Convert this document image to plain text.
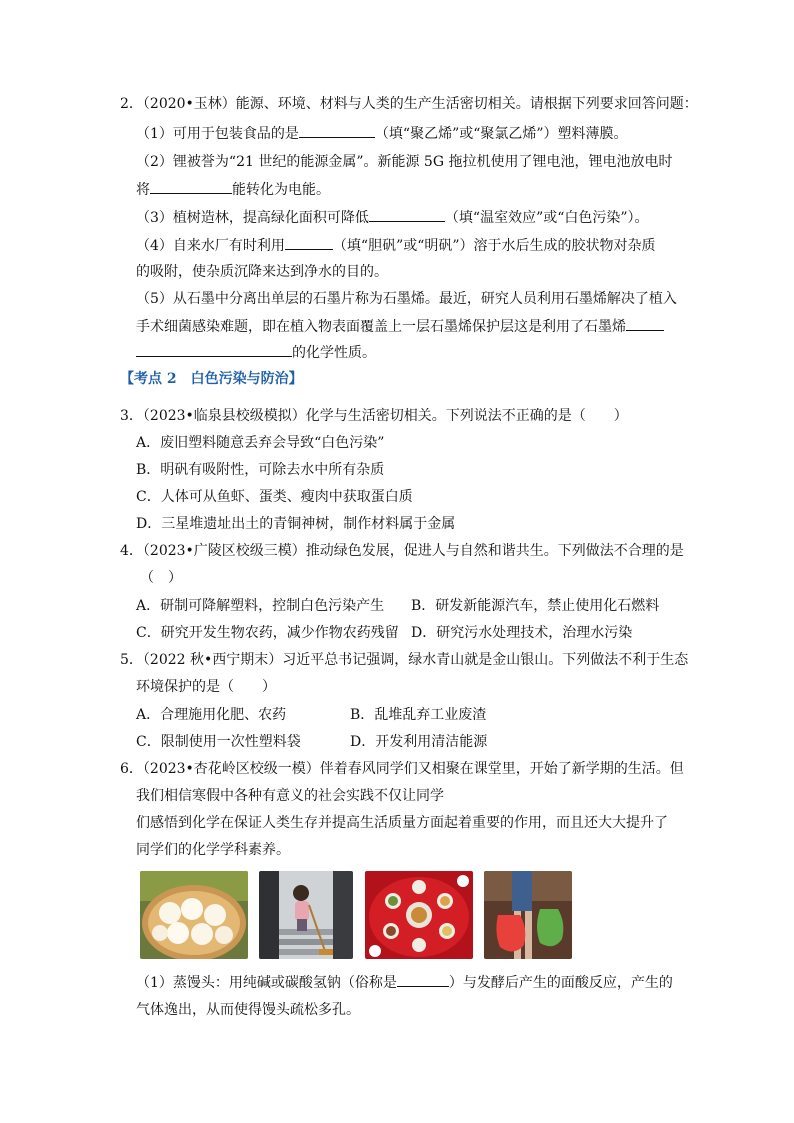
2．（2020•玉林）能源、环境、材料与人类的生产生活密切相关。请根据下列要求回答问题：
（1）可用于包装食品的是	（填“聚乙烯”或“聚氯乙烯”）塑料薄膜。
（2）锂被誉为“21 世纪的能源金属”。新能源 5G 拖拉机使用了锂电池，锂电池放电时
将	能转化为电能。
（3）植树造林，提高绿化面积可降低	（填“温室效应”或“白色污染”）。
（4）自来水厂有时利用	（填“胆矾”或“明矾”）溶于水后生成的胶状物对杂质
的吸附，使杂质沉降来达到净水的目的。
（5）从石墨中分离出单层的石墨片称为石墨烯。最近，研究人员利用石墨烯解决了植入
手术细菌感染难题，即在植入物表面覆盖上一层石墨烯保护层这是利用了石墨烯
的化学性质。
【考点 2　白色污染与防治】
3．（2023•临泉县校级模拟）化学与生活密切相关。下列说法不正确的是（　　）
A．废旧塑料随意丢弃会导致“白色污染”
B．明矾有吸附性，可除去水中所有杂质
C．人体可从鱼虾、蛋类、瘦肉中获取蛋白质
D．三星堆遗址出土的青铜神树，制作材料属于金属
4．（2023•广陵区校级三模）推动绿色发展，促进人与自然和谐共生。下列做法不合理的是
（　）
A．研制可降解塑料，控制白色污染产生 B．研发新能源汽车，禁止使用化石燃料
C．研究开发生物农药，减少作物农药残留 D．研究污水处理技术，治理水污染
5．（2022 秋•西宁期末）习近平总书记强调，绿水青山就是金山银山。下列做法不利于生态
环境保护的是（　　）
A．合理施用化肥、农药	B．乱堆乱弃工业废渣
C．限制使用一次性塑料袋	D．开发利用清洁能源
6．（2023•杏花岭区校级一模）伴着春风同学们又相聚在课堂里，开始了新学期的生活。但
我们相信寒假中各种有意义的社会实践不仅让同学
们感悟到化学在保证人类生存并提高生活质量方面起着重要的作用，而且还大大提升了
同学们的化学学科素养。
（1）蒸馒头：用纯碱或碳酸氢钠（俗称是	）与发酵后产生的面酸反应，产生的
气体逸出，从而使得馒头疏松多孔。
